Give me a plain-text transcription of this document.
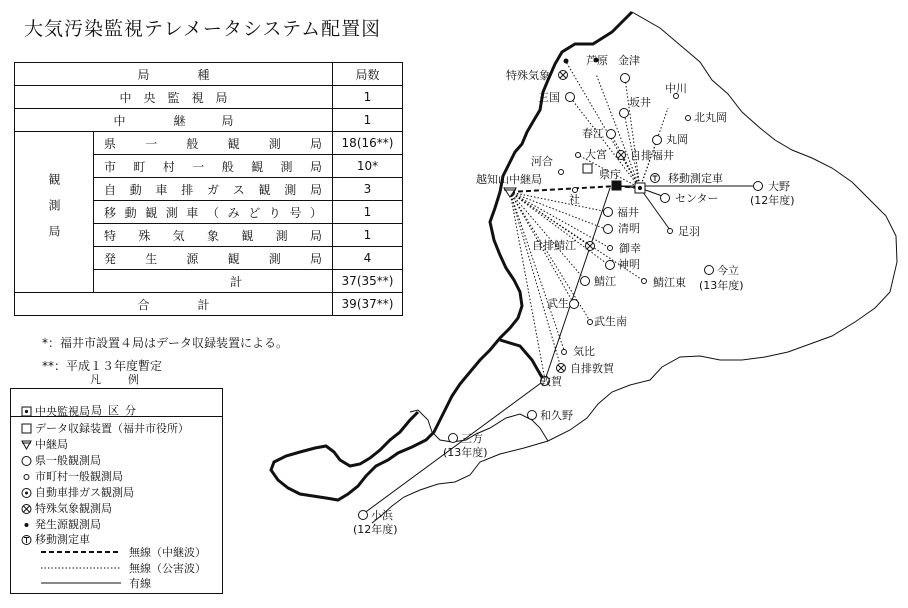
大気汚染監視テレメータシステム配置図
局　　　　種		局数
中　央　監　視　局		1
中　　　　継　　　局		1

観測局	県一般観測局	18(16**)
	市町村一般観測局	10*
	自動車排ガス観測局	3
	移動観測車（みどり号）	1
	特殊気象観測局	1
	発生源観測局	4
	計	37(35**)
合　　　　計		39(37**)
*：福井市設置４局はデータ収録装置による。
**：平成１３年度暫定
凡　例
局区分
中央監視局
データ収録装置（福井市役所）
中継局
県一般観測局
市町村一般観測局
自動車排ガス観測局
特殊気象観測局
発生源観測局
移動測定車
無線（中継波）
無線（公害波）
有線
特殊気象
芦原 金津
三国
中川
坂井
北丸岡
春江	丸岡
自排福井
河合
大宮
県庁	移動測定車
大野
(12年度)
越知山中継局
社	センター
福井
足羽
清明
自排鯖江	御幸
神明
鯖江	鯖江東
今立
(13年度)
武生
武生南
気比
自排敦賀
敦賀
和久野
三方
(13年度)
小浜
(12年度)
